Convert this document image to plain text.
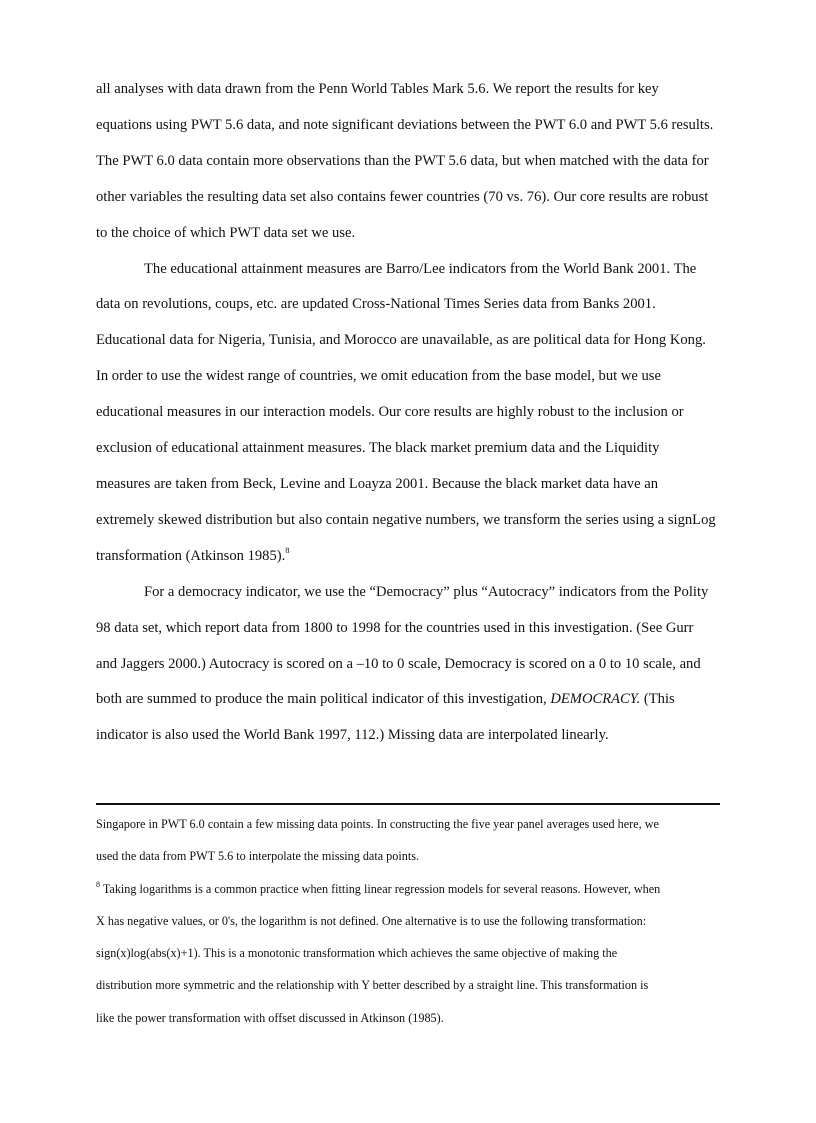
all analyses with data drawn from the Penn World Tables Mark 5.6. We report the results for key
equations using PWT 5.6 data, and note significant deviations between the PWT 6.0 and PWT 5.6 results.
The PWT 6.0 data contain more observations than the PWT 5.6 data, but when matched with the data for
other variables the resulting data set also contains fewer countries (70 vs. 76). Our core results are robust
to the choice of which PWT data set we use.

The educational attainment measures are Barro/Lee indicators from the World Bank 2001. The
data on revolutions, coups, etc. are updated Cross-National Times Series data from Banks 2001.
Educational data for Nigeria, Tunisia, and Morocco are unavailable, as are political data for Hong Kong.
In order to use the widest range of countries, we omit education from the base model, but we use
educational measures in our interaction models. Our core results are highly robust to the inclusion or
exclusion of educational attainment measures. The black market premium data and the Liquidity
measures are taken from Beck, Levine and Loayza 2001. Because the black market data have an
extremely skewed distribution but also contain negative numbers, we transform the series using a signLog
transformation (Atkinson 1985).$^8$

For a democracy indicator, we use the “Democracy” plus “Autocracy” indicators from the Polity
98 data set, which report data from 1800 to 1998 for the countries used in this investigation. (See Gurr
and Jaggers 2000.) Autocracy is scored on a –10 to 0 scale, Democracy is scored on a 0 to 10 scale, and
both are summed to produce the main political indicator of this investigation, DEMOCRACY. (This
indicator is also used the World Bank 1997, 112.) Missing data are interpolated linearly.

Singapore in PWT 6.0 contain a few missing data points. In constructing the five year panel averages used here, we
used the data from PWT 5.6 to interpolate the missing data points.

$^8$ Taking logarithms is a common practice when fitting linear regression models for several reasons. However, when
X has negative values, or 0's, the logarithm is not defined. One alternative is to use the following transformation:
sign(x)log(abs(x)+1). This is a monotonic transformation which achieves the same objective of making the
distribution more symmetric and the relationship with Y better described by a straight line. This transformation is
like the power transformation with offset discussed in Atkinson (1985).
